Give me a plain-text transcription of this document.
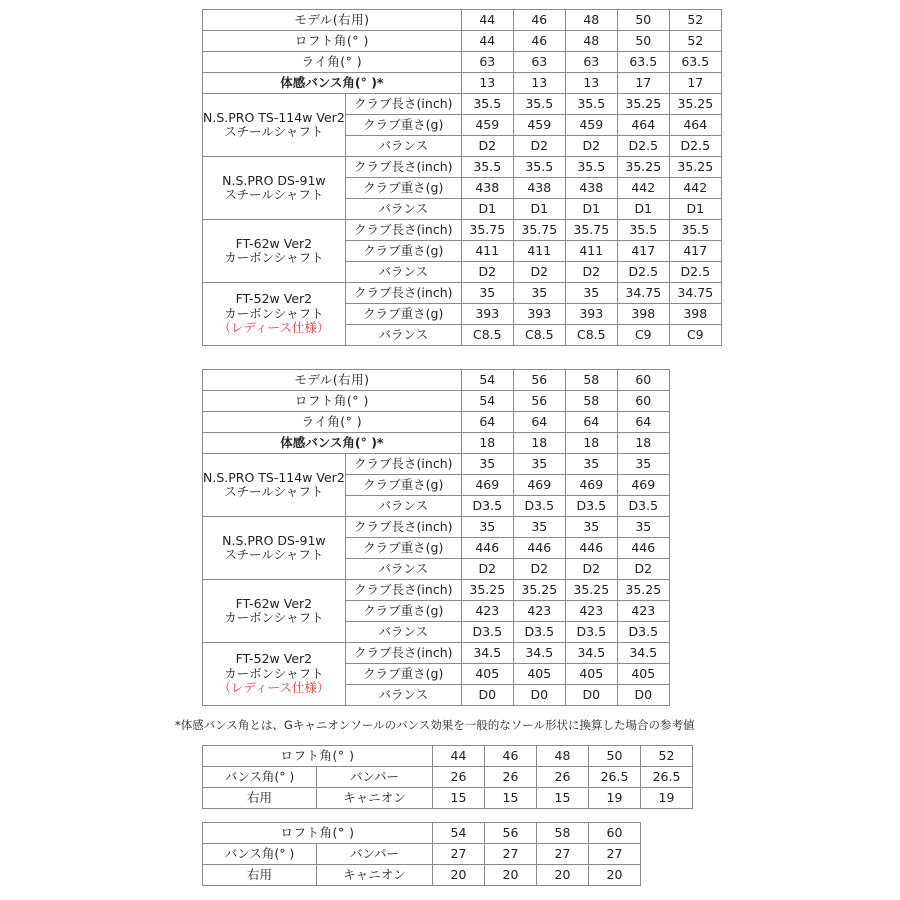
モデル(右用)		44	46	48	50	52
ロフト角(° )		44	46	48	50	52
ライ角(° )		63	63	63	63.5	63.5
体感バンス角(° )*		13	13	13	17	17

N.S.PRO TS-114w Ver2
スチールシャフト	クラブ長さ(inch)	35.5	35.5	35.5	35.25	35.25
	クラブ重さ(g)	459	459	459	464	464
	バランス	D2	D2	D2	D2.5	D2.5

N.S.PRO DS-91w
スチールシャフト	クラブ長さ(inch)	35.5	35.5	35.5	35.25	35.25
	クラブ重さ(g)	438	438	438	442	442
	バランス	D1	D1	D1	D1	D1

FT-62w Ver2
カーボンシャフト	クラブ長さ(inch)	35.75	35.75	35.75	35.5	35.5
	クラブ重さ(g)	411	411	411	417	417
	バランス	D2	D2	D2	D2.5	D2.5

FT-52w Ver2
カーボンシャフト
（レディース仕様）	クラブ長さ(inch)	35	35	35	34.75	34.75
	クラブ重さ(g)	393	393	393	398	398
	バランス	C8.5	C8.5	C8.5	C9	C9
モデル(右用)		54	56	58	60
ロフト角(° )		54	56	58	60
ライ角(° )		64	64	64	64
体感バンス角(° )*		18	18	18	18

N.S.PRO TS-114w Ver2
スチールシャフト	クラブ長さ(inch)	35	35	35	35
	クラブ重さ(g)	469	469	469	469
	バランス	D3.5	D3.5	D3.5	D3.5

N.S.PRO DS-91w
スチールシャフト	クラブ長さ(inch)	35	35	35	35
	クラブ重さ(g)	446	446	446	446
	バランス	D2	D2	D2	D2

FT-62w Ver2
カーボンシャフト	クラブ長さ(inch)	35.25	35.25	35.25	35.25
	クラブ重さ(g)	423	423	423	423
	バランス	D3.5	D3.5	D3.5	D3.5

FT-52w Ver2
カーボンシャフト
（レディース仕様）	クラブ長さ(inch)	34.5	34.5	34.5	34.5
	クラブ重さ(g)	405	405	405	405
	バランス	D0	D0	D0	D0
*体感バンス角とは、Gキャニオンソールのバンス効果を一般的なソール形状に換算した場合の参考値
ロフト角(° )		44	46	48	50	52
バンス角(° )	バンパー	26	26	26	26.5	26.5
右用	キャニオン	15	15	15	19	19
ロフト角(° )		54	56	58	60
バンス角(° )	バンパー	27	27	27	27
右用	キャニオン	20	20	20	20
